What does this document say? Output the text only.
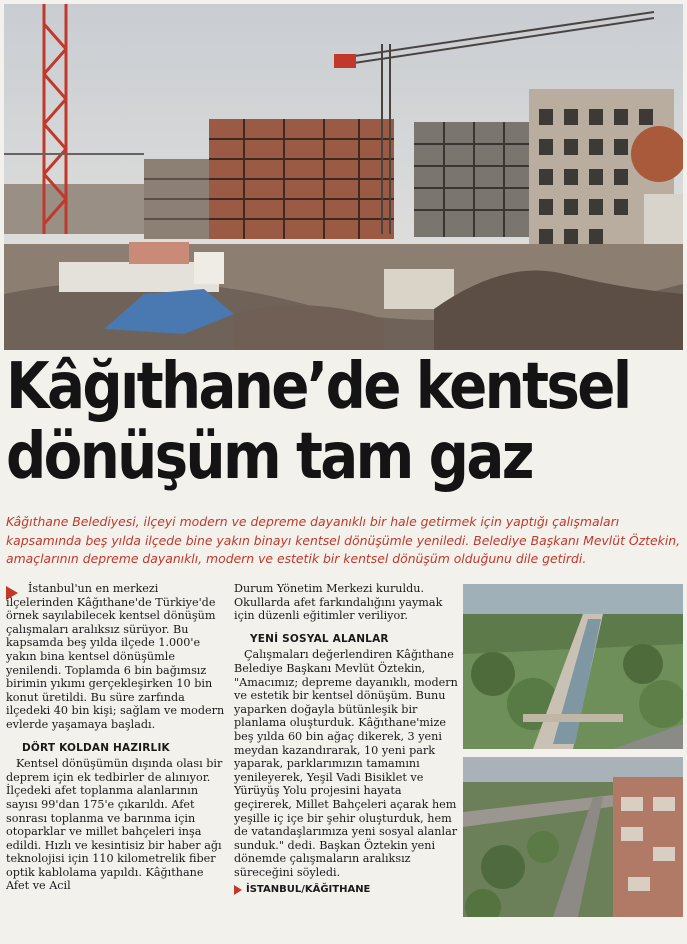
Kâğıthane’de kentsel
dönüşüm tam gaz
Kâğıthane Belediyesi, ilçeyi modern ve depreme dayanıklı bir hale getirmek için yaptığı çalışmaları kapsamında beş yılda ilçede bine yakın binayı kentsel dönüşümle yeniledi. Belediye Başkanı Mevlüt Öztekin, amaçlarının depreme dayanıklı, modern ve estetik bir kentsel dönüşüm olduğunu dile getirdi.

İstanbul'un en merkezi
ilçelerinden Kâğıthane'de Türkiye'de örnek sayılabilecek kentsel dönüşüm çalışmaları aralıksız sürüyor. Bu kapsamda beş yılda ilçede 1.000'e yakın bina kentsel dönüşümle yenilendi. Toplamda 6 bin bağımsız birimin yıkımı gerçekleşirken 10 bin konut üretildi. Bu süre zarfında ilçedeki 40 bin kişi; sağlam ve modern evlerde yaşamaya başladı.

DÖRT KOLDAN HAZIRLIK

Kentsel dönüşümün dışında olası bir deprem için ek tedbirler de alınıyor. İlçedeki afet toplanma alanlarının sayısı 99'dan 175'e çıkarıldı. Afet sonrası toplanma ve barınma için otoparklar ve millet bahçeleri inşa edildi. Hızlı ve kesintisiz bir haber ağı teknolojisi için 110 kilometrelik fiber optik kablolama yapıldı. Kâğıthane Afet ve Acil

Durum Yönetim Merkezi kuruldu. Okullarda afet farkındalığını yaymak için düzenli eğitimler veriliyor.

YENİ SOSYAL ALANLAR

Çalışmaları değerlendiren Kâğıthane Belediye Başkanı Mevlüt Öztekin, "Amacımız; depreme dayanıklı, modern ve estetik bir kentsel dönüşüm. Bunu yaparken doğayla bütünleşik bir planlama oluşturduk. Kâğıthane'mize beş yılda 60 bin ağaç dikerek, 3 yeni meydan kazandırarak, 10 yeni park yaparak, parklarımızın tamamını yenileyerek, Yeşil Vadi Bisiklet ve Yürüyüş Yolu projesini hayata geçirerek, Millet Bahçeleri açarak hem yeşille iç içe bir şehir oluşturduk, hem de vatandaşlarımıza yeni sosyal alanlar sunduk." dedi. Başkan Öztekin yeni dönemde çalışmaların aralıksız süreceğini söyledi.

İSTANBUL/KÂĞITHANE
